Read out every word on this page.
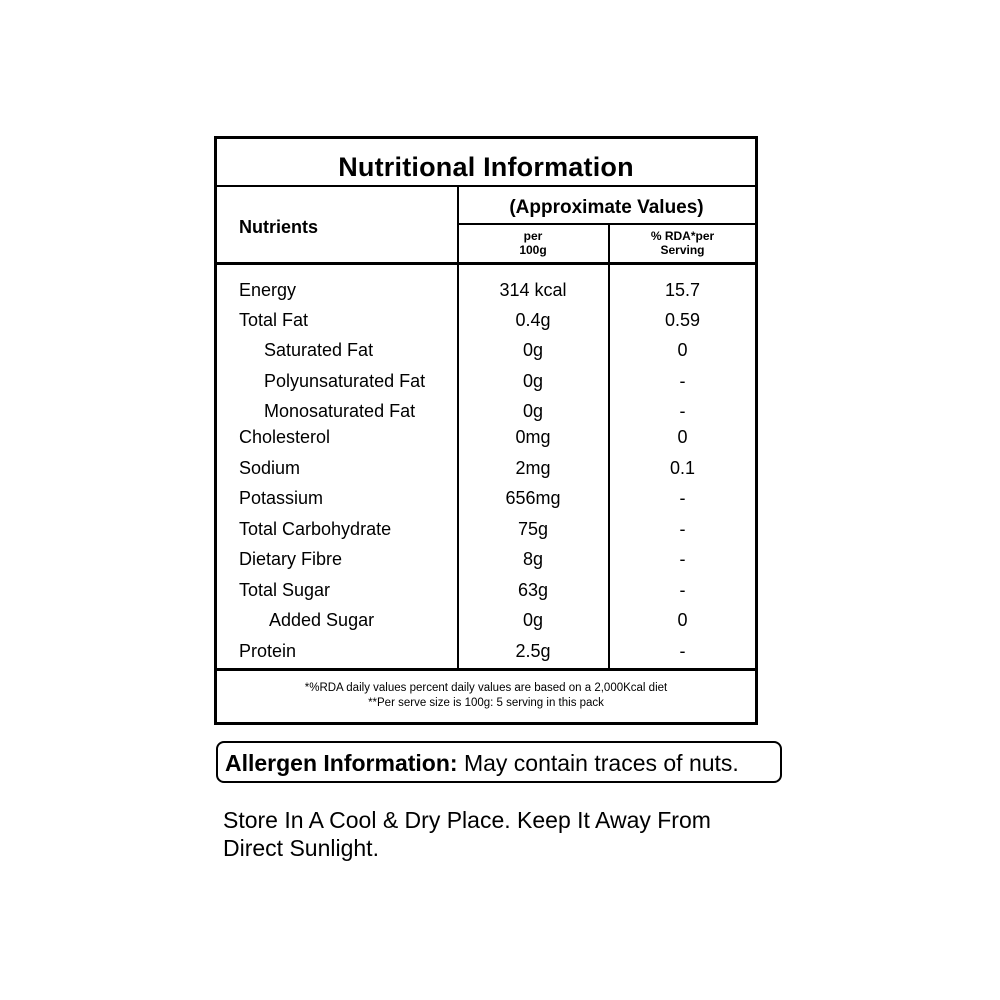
Nutritional Information
Nutrients
(Approximate Values)
per
100g
% RDA*per
Serving
Energy	314 kcal	15.7
Total Fat	0.4g	0.59
Saturated Fat	0g	0
Polyunsaturated Fat	0g	-
Monosaturated Fat	0g	-
Cholesterol	0mg	0
Sodium	2mg	0.1
Potassium	656mg	-
Total Carbohydrate	75g	-
Dietary Fibre	8g	-
Total Sugar	63g	-
Added Sugar	0g	0
Protein	2.5g	-
*%RDA daily values percent daily values are based on a 2,000Kcal diet
**Per serve size is 100g: 5 serving in this pack
Allergen Information: May contain traces of nuts.
Store In A Cool & Dry Place. Keep It Away From
Direct Sunlight.
